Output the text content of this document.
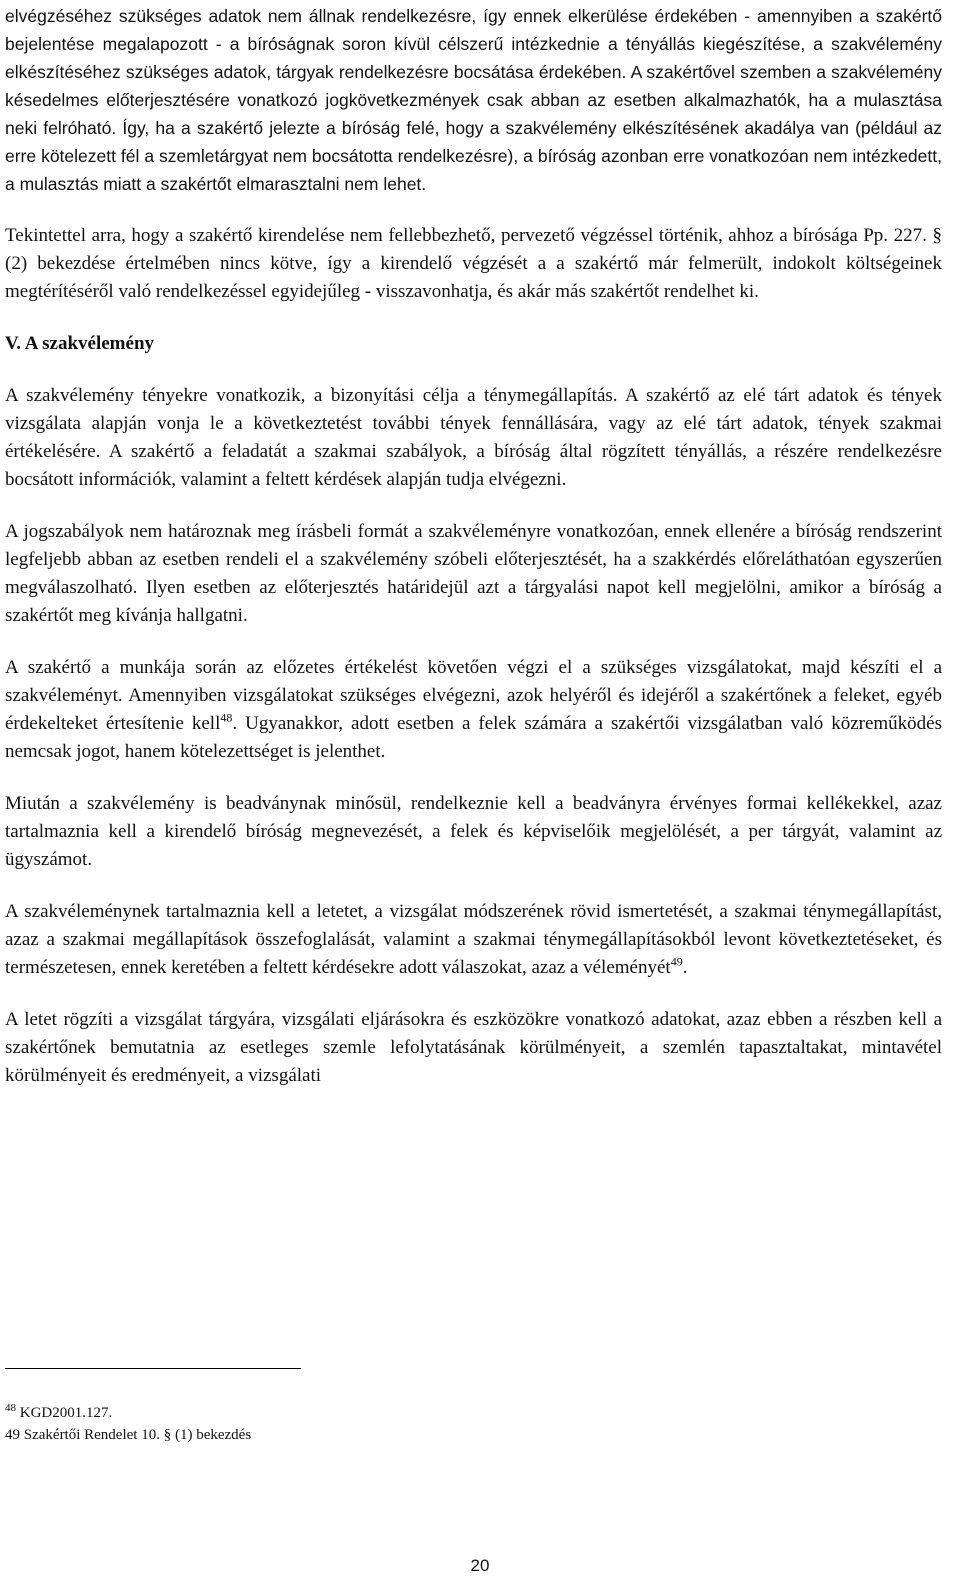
elvégzéséhez szükséges adatok nem állnak rendelkezésre, így ennek elkerülése érdekében - amennyiben a szakértő bejelentése megalapozott - a bíróságnak soron kívül célszerű intézkednie a tényállás kiegészítése, a szakvélemény elkészítéséhez szükséges adatok, tárgyak rendelkezésre bocsátása érdekében. A szakértővel szemben a szakvélemény késedelmes előterjesztésére vonatkozó jogkövetkezmények csak abban az esetben alkalmazhatók, ha a mulasztása neki felróható. Így, ha a szakértő jelezte a bíróság felé, hogy a szakvélemény elkészítésének akadálya van (például az erre kötelezett fél a szemletárgyat nem bocsátotta rendelkezésre), a bíróság azonban erre vonatkozóan nem intézkedett, a mulasztás miatt a szakértőt elmarasztalni nem lehet.

Tekintettel arra, hogy a szakértő kirendelése nem fellebbezhető, pervezető végzéssel történik, ahhoz a bírósága Pp. 227. § (2) bekezdése értelmében nincs kötve, így a kirendelő végzését a a szakértő már felmerült, indokolt költségeinek megtérítéséről való rendelkezéssel egyidejűleg - visszavonhatja, és akár más szakértőt rendelhet ki.

V. A szakvélemény

A szakvélemény tényekre vonatkozik, a bizonyítási célja a ténymegállapítás. A szakértő az elé tárt adatok és tények vizsgálata alapján vonja le a következtetést további tények fennállására, vagy az elé tárt adatok, tények szakmai értékelésére. A szakértő a feladatát a szakmai szabályok, a bíróság által rögzített tényállás, a részére rendelkezésre bocsátott információk, valamint a feltett kérdések alapján tudja elvégezni.

A jogszabályok nem határoznak meg írásbeli formát a szakvéleményre vonatkozóan, ennek ellenére a bíróság rendszerint legfeljebb abban az esetben rendeli el a szakvélemény szóbeli előterjesztését, ha a szakkérdés előreláthatóan egyszerűen megválaszolható. Ilyen esetben az előterjesztés határidejül azt a tárgyalási napot kell megjelölni, amikor a bíróság a szakértőt meg kívánja hallgatni.

A szakértő a munkája során az előzetes értékelést követően végzi el a szükséges vizsgálatokat, majd készíti el a szakvéleményt. Amennyiben vizsgálatokat szükséges elvégezni, azok helyéről és idejéről a szakértőnek a feleket, egyéb érdekelteket értesítenie kell$^{48}$. Ugyanakkor, adott esetben a felek számára a szakértői vizsgálatban való közreműködés nemcsak jogot, hanem kötelezettséget is jelenthet.

Miután a szakvélemény is beadványnak minősül, rendelkeznie kell a beadványra érvényes formai kellékekkel, azaz tartalmaznia kell a kirendelő bíróság megnevezését, a felek és képviselőik megjelölését, a per tárgyát, valamint az ügyszámot.

A szakvéleménynek tartalmaznia kell a letetet, a vizsgálat módszerének rövid ismertetését, a szakmai ténymegállapítást, azaz a szakmai megállapítások összefoglalását, valamint a szakmai ténymegállapításokból levont következtetéseket, és természetesen, ennek keretében a feltett kérdésekre adott válaszokat, azaz a véleményét$^{49}$.

A letet rögzíti a vizsgálat tárgyára, vizsgálati eljárásokra és eszközökre vonatkozó adatokat, azaz ebben a részben kell a szakértőnek bemutatnia az esetleges szemle lefolytatásának körülményeit, a szemlén tapasztaltakat, mintavétel körülményeit és eredményeit, a vizsgálati

$^{48}$ KGD2001.127.

49 Szakértői Rendelet 10. § (1) bekezdés

20
